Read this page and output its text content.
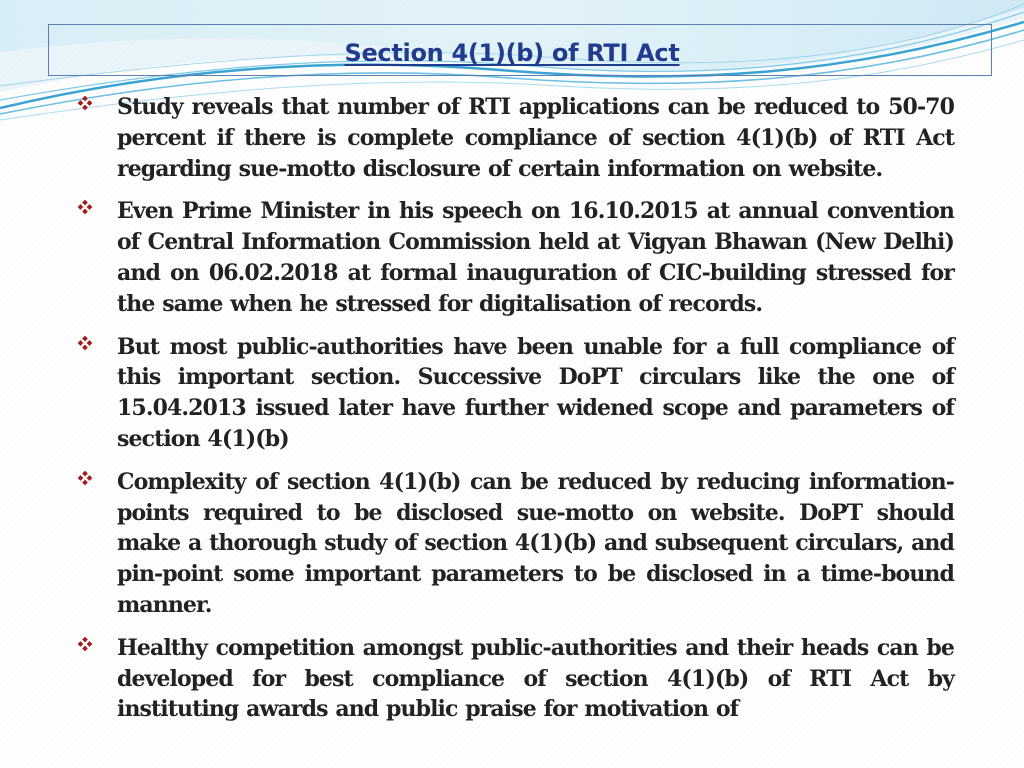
Section 4(1)(b) of RTI Act
Study reveals that number of RTI applications can be reduced to 50-70 percent if there is complete compliance of section 4(1)(b) of RTI Act regarding sue-motto disclosure of certain information on website.
Even Prime Minister in his speech on 16.10.2015 at annual convention of Central Information Commission held at Vigyan Bhawan (New Delhi) and on 06.02.2018 at formal inauguration of CIC-building stressed for the same when he stressed for digitalisation of records.
But most public-authorities have been unable for a full compliance of this important section. Successive DoPT circulars like the one of 15.04.2013 issued later have further widened scope and parameters of section 4(1)(b)
Complexity of section 4(1)(b) can be reduced by reducing information-points required to be disclosed sue-motto on website. DoPT should make a thorough study of section 4(1)(b) and subsequent circulars, and pin-point some important parameters to be disclosed in a time-bound manner.
Healthy competition amongst public-authorities and their heads can be developed for best compliance of section 4(1)(b) of RTI Act by instituting awards and public praise for motivation of
